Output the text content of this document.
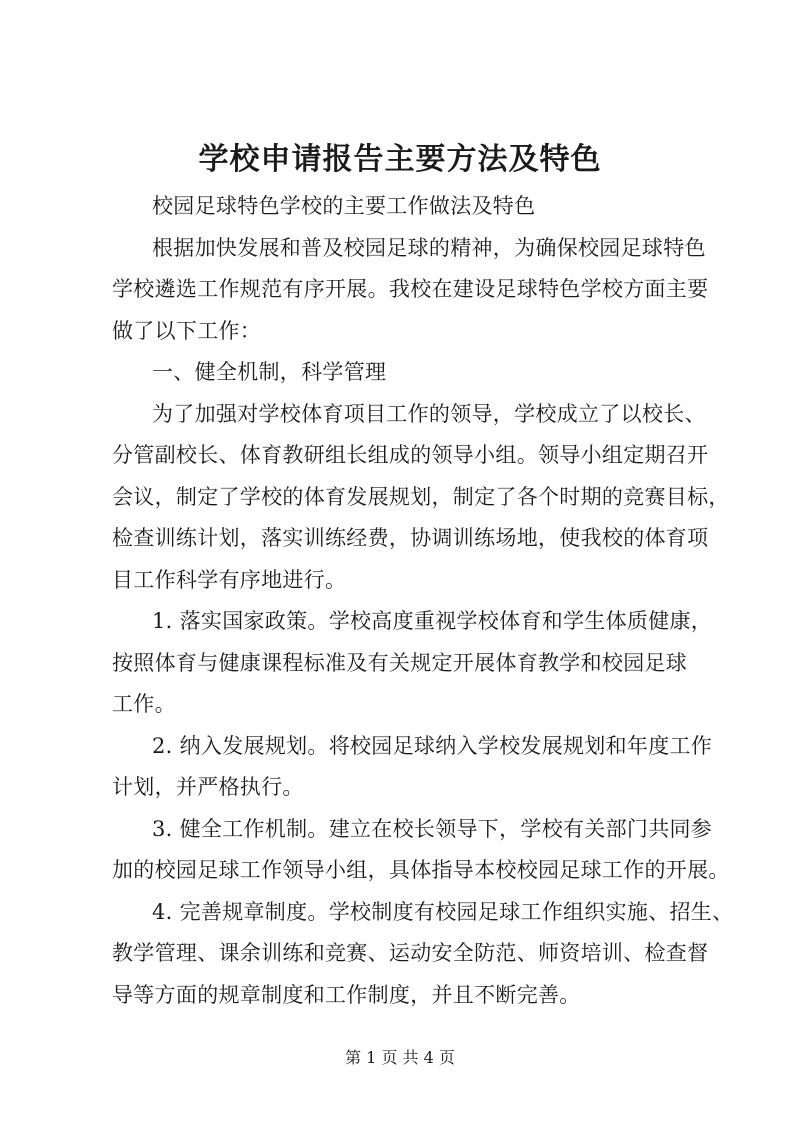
学校申请报告主要方法及特色
校园足球特色学校的主要工作做法及特色
根据加快发展和普及校园足球的精神，为确保校园足球特色
学校遴选工作规范有序开展。我校在建设足球特色学校方面主要
做了以下工作：
一、健全机制，科学管理
为了加强对学校体育项目工作的领导，学校成立了以校长、
分管副校长、体育教研组长组成的领导小组。领导小组定期召开
会议，制定了学校的体育发展规划，制定了各个时期的竞赛目标，
检查训练计划，落实训练经费，协调训练场地，使我校的体育项
目工作科学有序地进行。
1. 落实国家政策。学校高度重视学校体育和学生体质健康，
按照体育与健康课程标准及有关规定开展体育教学和校园足球
工作。
2. 纳入发展规划。将校园足球纳入学校发展规划和年度工作
计划，并严格执行。
3. 健全工作机制。建立在校长领导下，学校有关部门共同参
加的校园足球工作领导小组，具体指导本校校园足球工作的开展。
4. 完善规章制度。学校制度有校园足球工作组织实施、招生、
教学管理、课余训练和竞赛、运动安全防范、师资培训、检查督
导等方面的规章制度和工作制度，并且不断完善。
第 1 页 共 4 页
